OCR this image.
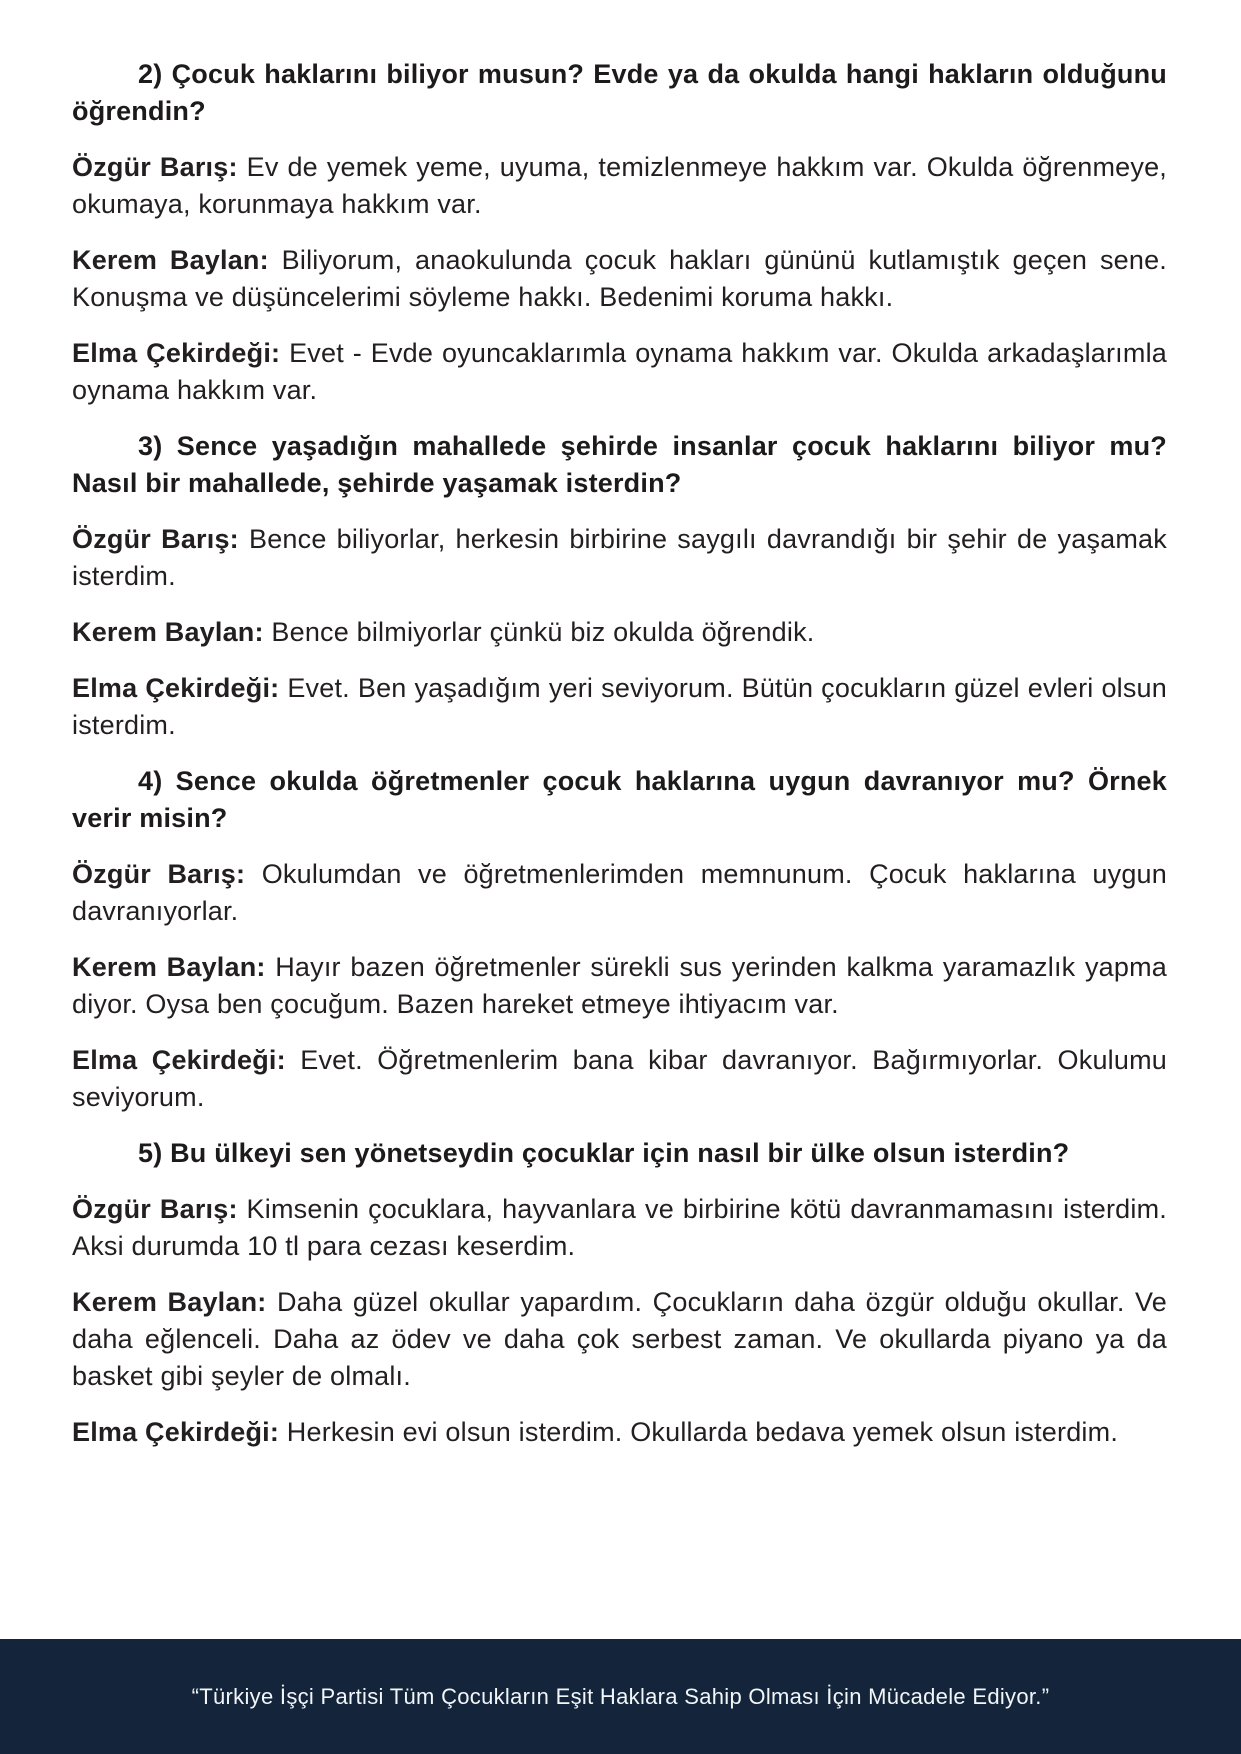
2) Çocuk haklarını biliyor musun? Evde ya da okulda hangi hakların olduğunu öğrendin?

Özgür Barış: Ev de yemek yeme, uyuma, temizlenmeye hakkım var. Okulda öğrenmeye, okumaya, korunmaya hakkım var.

Kerem Baylan: Biliyorum, anaokulunda çocuk hakları gününü kutlamıştık geçen sene. Konuşma ve düşüncelerimi söyleme hakkı. Bedenimi koruma hakkı.

Elma Çekirdeği: Evet - Evde oyuncaklarımla oynama hakkım var. Okulda arkadaşlarımla oynama hakkım var.

3) Sence yaşadığın mahallede şehirde insanlar çocuk haklarını biliyor mu? Nasıl bir mahallede, şehirde yaşamak isterdin?

Özgür Barış: Bence biliyorlar, herkesin birbirine saygılı davrandığı bir şehir de yaşamak isterdim.

Kerem Baylan: Bence bilmiyorlar çünkü biz okulda öğrendik.

Elma Çekirdeği: Evet. Ben yaşadığım yeri seviyorum. Bütün çocukların güzel evleri olsun isterdim.

4) Sence okulda öğretmenler çocuk haklarına uygun davranıyor mu? Örnek verir misin?

Özgür Barış: Okulumdan ve öğretmenlerimden memnunum. Çocuk haklarına uygun davranıyorlar.

Kerem Baylan: Hayır bazen öğretmenler sürekli sus yerinden kalkma yaramazlık yapma diyor. Oysa ben çocuğum. Bazen hareket etmeye ihtiyacım var.

Elma Çekirdeği: Evet. Öğretmenlerim bana kibar davranıyor. Bağırmıyorlar. Okulumu seviyorum.

5) Bu ülkeyi sen yönetseydin çocuklar için nasıl bir ülke olsun isterdin?

Özgür Barış: Kimsenin çocuklara, hayvanlara ve birbirine kötü davranmamasını isterdim. Aksi durumda 10 tl para cezası keserdim.

Kerem Baylan: Daha güzel okullar yapardım. Çocukların daha özgür olduğu okullar. Ve daha eğlenceli. Daha az ödev ve daha çok serbest zaman. Ve okullarda piyano ya da basket gibi şeyler de olmalı.

Elma Çekirdeği: Herkesin evi olsun isterdim. Okullarda bedava yemek olsun isterdim.

“Türkiye İşçi Partisi Tüm Çocukların Eşit Haklara Sahip Olması İçin Mücadele Ediyor.”
